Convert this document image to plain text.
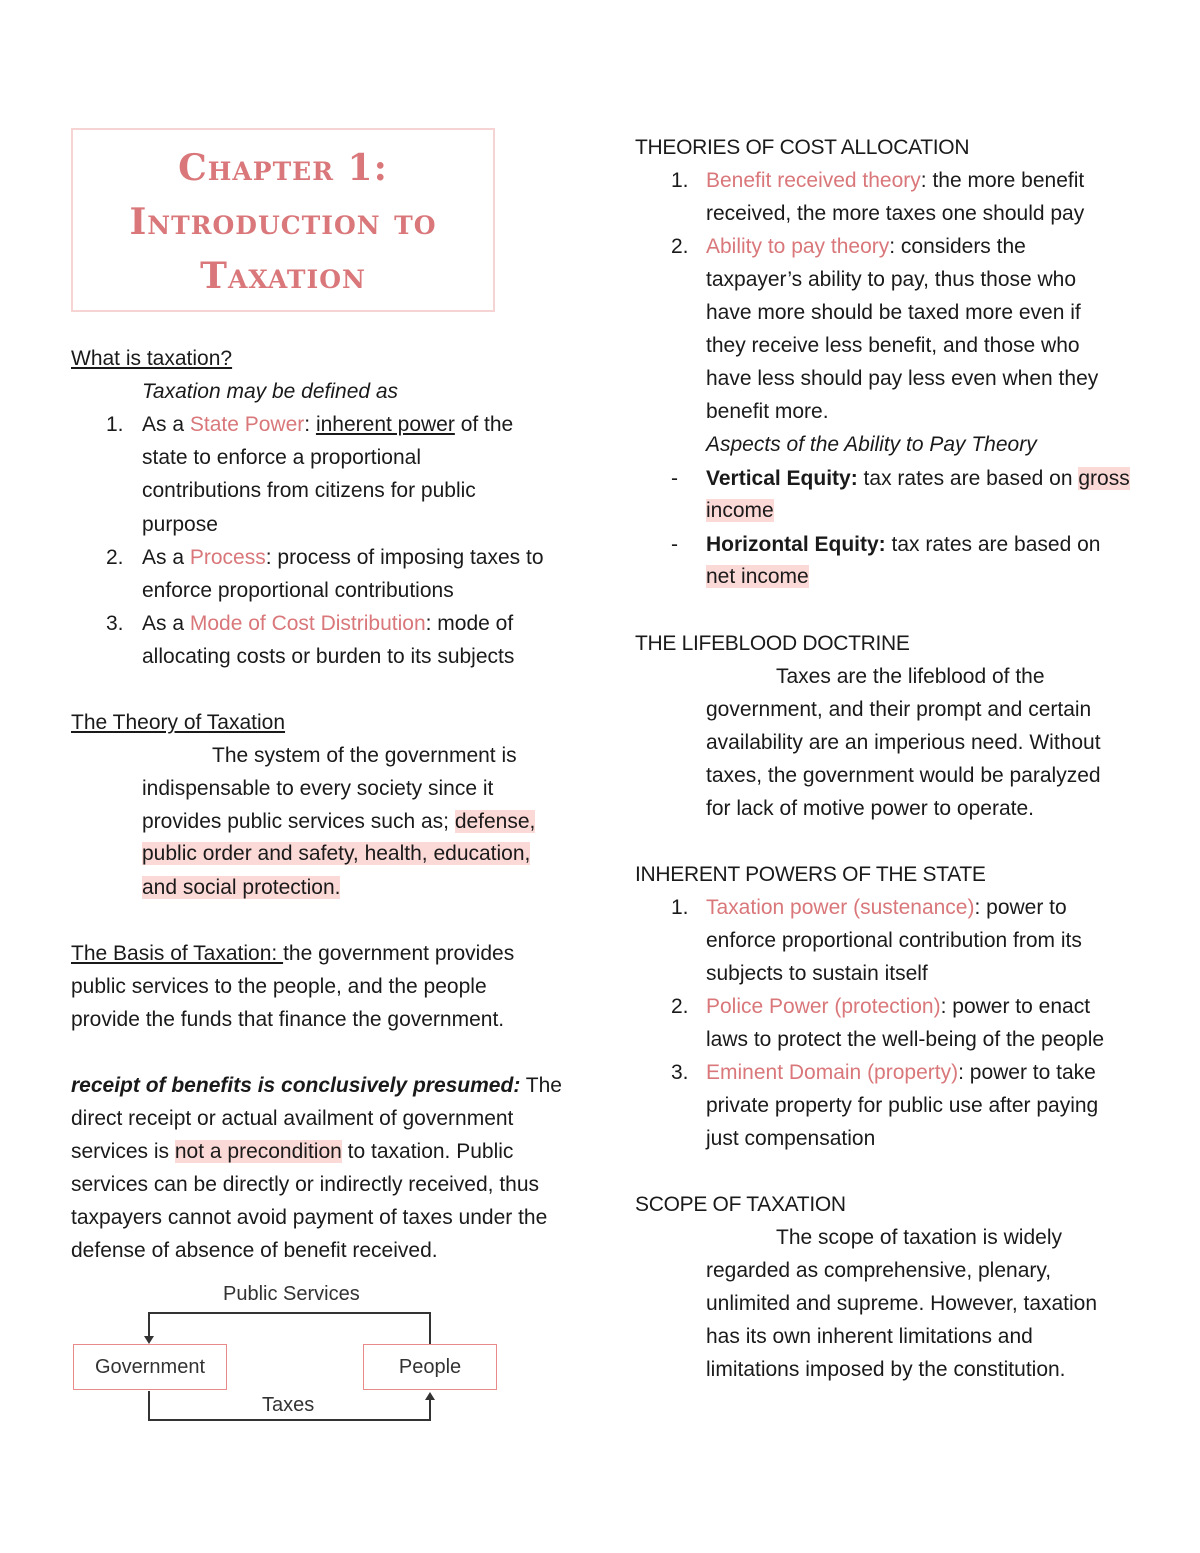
Chapter 1:
Introduction to
Taxation
What is taxation?
Taxation may be defined as
1. As a State Power: inherent power of the
state to enforce a proportional
contributions from citizens for public
purpose
2. As a Process: process of imposing taxes to
enforce proportional contributions
3. As a Mode of Cost Distribution: mode of
allocating costs or burden to its subjects
The Theory of Taxation
The system of the government is
indispensable to every society since it
provides public services such as; defense,
public order and safety, health, education,
and social protection.
The Basis of Taxation: the government provides
public services to the people, and the people
provide the funds that finance the government.
receipt of benefits is conclusively presumed: The
direct receipt or actual availment of government
services is not a precondition to taxation. Public
services can be directly or indirectly received, thus
taxpayers cannot avoid payment of taxes under the
defense of absence of benefit received.
Public Services
Government	People
Taxes
THEORIES OF COST ALLOCATION
1. Benefit received theory: the more benefit
received, the more taxes one should pay
2. Ability to pay theory: considers the
taxpayer’s ability to pay, thus those who
have more should be taxed more even if
they receive less benefit, and those who
have less should pay less even when they
benefit more.
Aspects of the Ability to Pay Theory
- Vertical Equity: tax rates are based on gross
income
- Horizontal Equity: tax rates are based on
net income
THE LIFEBLOOD DOCTRINE
Taxes are the lifeblood of the
government, and their prompt and certain
availability are an imperious need. Without
taxes, the government would be paralyzed
for lack of motive power to operate.
INHERENT POWERS OF THE STATE
1. Taxation power (sustenance): power to
enforce proportional contribution from its
subjects to sustain itself
2. Police Power (protection): power to enact
laws to protect the well-being of the people
3. Eminent Domain (property): power to take
private property for public use after paying
just compensation
SCOPE OF TAXATION
The scope of taxation is widely
regarded as comprehensive, plenary,
unlimited and supreme. However, taxation
has its own inherent limitations and
limitations imposed by the constitution.
